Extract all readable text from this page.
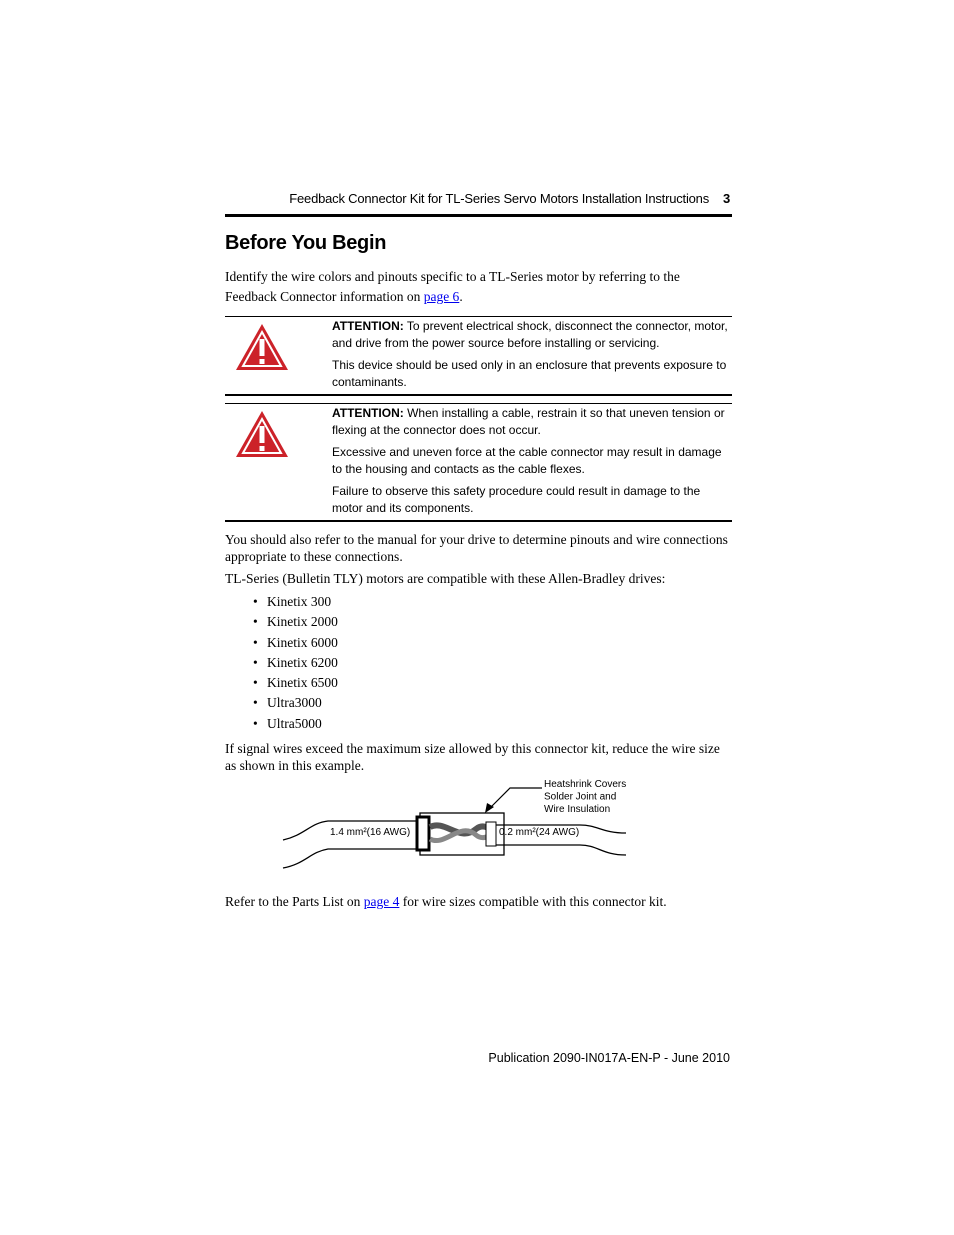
Feedback Connector Kit for TL-Series Servo Motors Installation Instructions 3
Before You Begin

Identify the wire colors and pinouts specific to a TL-Series motor by referring to the Feedback Connector information on page 6.

ATTENTION: To prevent electrical shock, disconnect the connector, motor, and drive from the power source before installing or servicing.

This device should be used only in an enclosure that prevents exposure to contaminants.

ATTENTION: When installing a cable, restrain it so that uneven tension or flexing at the connector does not occur.

Excessive and uneven force at the cable connector may result in damage to the housing and contacts as the cable flexes.

Failure to observe this safety procedure could result in damage to the motor and its components.

You should also refer to the manual for your drive to determine pinouts and wire connections appropriate to these connections.

TL-Series (Bulletin TLY) motors are compatible with these Allen-Bradley drives:

• Kinetix 300
• Kinetix 2000
• Kinetix 6000
• Kinetix 6200
• Kinetix 6500
• Ultra3000
• Ultra5000

If signal wires exceed the maximum size allowed by this connector kit, reduce the wire size as shown in this example.

1.4 mm²(16 AWG)	0.2 mm²(24 AWG)
Heatshrink Covers
Solder Joint and
Wire Insulation

Refer to the Parts List on page 4 for wire sizes compatible with this connector kit.

Publication 2090-IN017A-EN-P - June 2010
